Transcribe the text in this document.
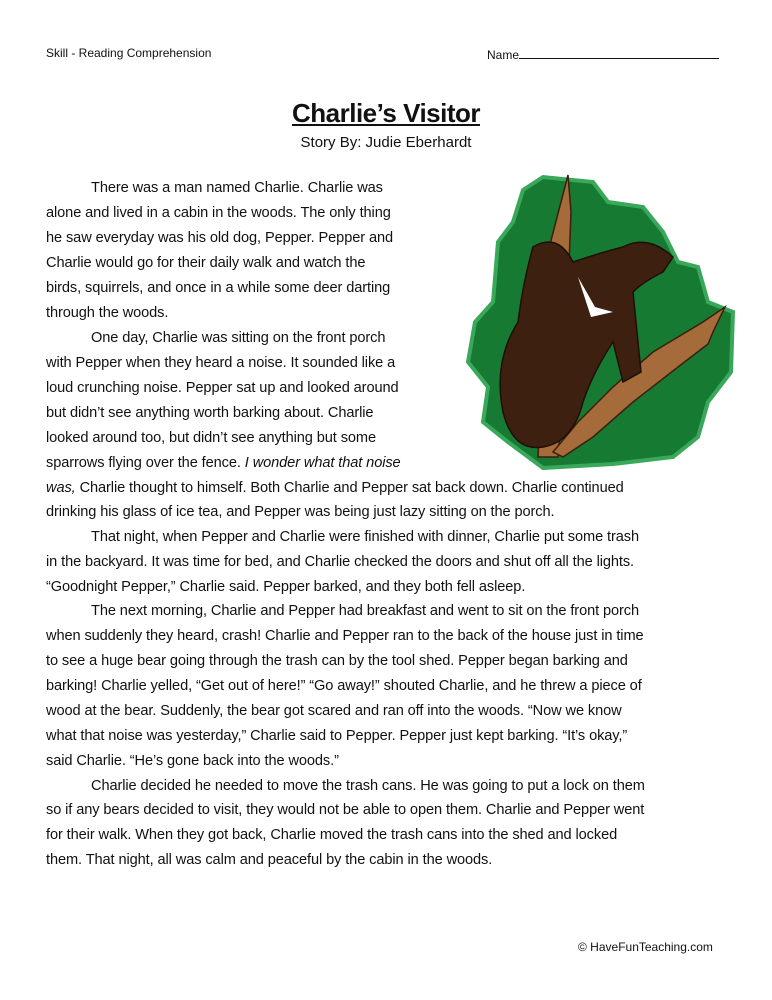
Skill - Reading Comprehension	Name
Charlie’s Visitor
Story By: Judie Eberhardt
There was a man named Charlie. Charlie was
alone and lived in a cabin in the woods. The only thing
he saw everyday was his old dog, Pepper. Pepper and
Charlie would go for their daily walk and watch the
birds, squirrels, and once in a while some deer darting
through the woods.
One day, Charlie was sitting on the front porch
with Pepper when they heard a noise. It sounded like a
loud crunching noise. Pepper sat up and looked around
but didn’t see anything worth barking about. Charlie
looked around too, but didn’t see anything but some
sparrows flying over the fence. I wonder what that noise
was, Charlie thought to himself. Both Charlie and Pepper sat back down. Charlie continued
drinking his glass of ice tea, and Pepper was being just lazy sitting on the porch.
That night, when Pepper and Charlie were finished with dinner, Charlie put some trash
in the backyard. It was time for bed, and Charlie checked the doors and shut off all the lights.
“Goodnight Pepper,” Charlie said. Pepper barked, and they both fell asleep.
The next morning, Charlie and Pepper had breakfast and went to sit on the front porch
when suddenly they heard, crash! Charlie and Pepper ran to the back of the house just in time
to see a huge bear going through the trash can by the tool shed. Pepper began barking and
barking! Charlie yelled, “Get out of here!” “Go away!” shouted Charlie, and he threw a piece of
wood at the bear. Suddenly, the bear got scared and ran off into the woods. “Now we know
what that noise was yesterday,” Charlie said to Pepper. Pepper just kept barking. “It’s okay,”
said Charlie. “He’s gone back into the woods.”
Charlie decided he needed to move the trash cans. He was going to put a lock on them
so if any bears decided to visit, they would not be able to open them. Charlie and Pepper went
for their walk. When they got back, Charlie moved the trash cans into the shed and locked
them. That night, all was calm and peaceful by the cabin in the woods.
© HaveFunTeaching.com
